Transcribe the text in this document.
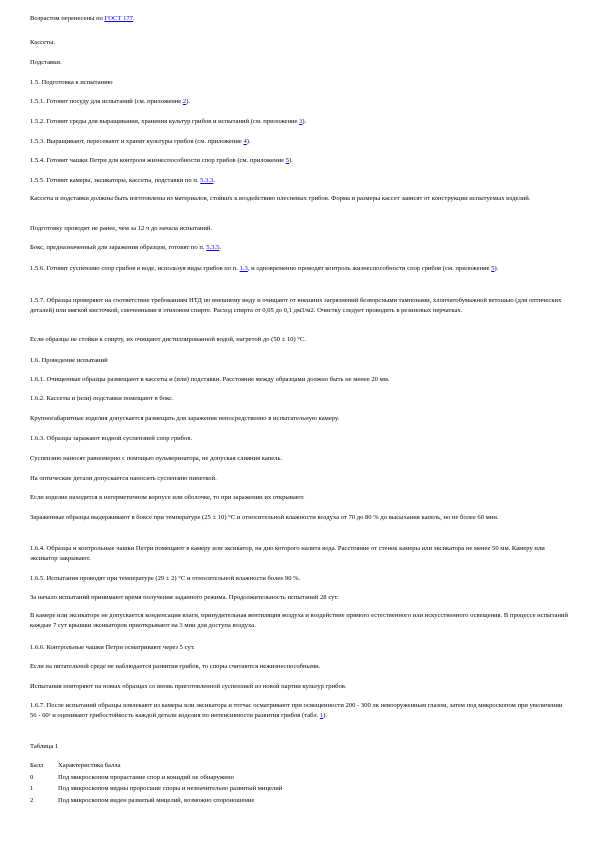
Возрастом перенесены по ГОСТ 177.

Кассеты.

Подставки.

1.5. Подготовка к испытанию

1.5.1. Готовят посуду для испытаний (см. приложение 2).

1.5.2. Готовят среды для выращивания, хранения культур грибов и испытаний (см. приложение 3).

1.5.3. Выращивают, пересевают и хранят культуры грибов (см. приложение 4).

1.5.4. Готовят чашки Петри для контроля жизнеспособности спор грибов (см. приложение 5).

1.5.5. Готовят камеры, эксикаторы, кассеты, подставки по п. 5.3.3.

Кассеты и подставки должны быть изготовлены из материалов, стойких к воздействию плесневых грибов. Форма и размеры кассет зависят от конструкции испытуемых изделий.

Подготовку проводят не ранее, чем за 12 ч до начала испытаний.

Бокс, предназначенный для заражения образцов, готовят по п. 5.3.5.

1.5.6. Готовят суспензию спор грибов в воде, используя виды грибов по п. 1.3, и одновременно проводят контроль жизнеспособности спор грибов (см. приложение 5).

1.5.7. Образцы проверяют на соответствие требованиям НТД по внешнему виду и очищают от внешних загрязнений безворсными тампонами, хлопчатобумажной ветошью (для оптических деталей) или мягкой кисточкой, смоченными в этиловом спирте. Расход спирта от 0,05 до 0,1 дм3/м2. Очистку следует проводить в резиновых перчатках.

Если образцы не стойки к спирту, их очищают дистиллированной водой, нагретой до (50 ± 10) °С.

1.6. Проведение испытаний

1.6.1. Очищенные образцы размещают в кассеты и (или) подставки. Расстояние между образцами должно быть не менее 20 мм.

1.6.2. Кассеты и (или) подставки помещают в бокс.

Крупногабаритные изделия допускается размещать для заражения непосредственно в испытательную камеру.

1.6.3. Образцы заражают водной суспензией спор грибов.

Суспензию наносят равномерно с помощью пульверизатора, не допуская слияния капель.

На оптические детали допускается наносить суспензию пипеткой.

Если изделие находится в негерметичном корпусе или оболочке, то при заражении их открывают.

Зараженные образцы выдерживают в боксе при температуре (25 ± 10) °С и относительной влажности воздуха от 70 до 80 % до высыхания капель, но не более 60 мин.

1.6.4. Образцы и контрольные чашки Петри помещают в камеру или эксикатор, на дно которого налита вода. Расстояние от стенок камеры или эксикатора не менее 50 мм. Камеру или эксикатор закрывают.

1.6.5. Испытания проводят при температуре (29 ± 2) °С и относительной влажности более 90 %.

За начало испытаний принимают время получения заданного режима. Продолжительность испытаний 28 сут.

В камере или эксикаторе не допускается конденсация влаги, принудительная вентиляция воздуха и воздействие прямого естественного или искусственного освещения. В процессе испытаний каждые 7 сут крышки эксикаторов приоткрывают на 3 мин для доступа воздуха.

1.6.6. Контрольные чашки Петри осматривают через 5 сут.

Если на питательной среде не наблюдается развития грибов, то споры считаются нежизнеспособными.

Испытания повторяют на новых образцах со вновь приготовленной суспензией из новой партии культур грибов.

1.6.7. После испытаний образцы извлекают из камеры или эксикатора и тотчас осматривают при освещенности 200 - 300 лк невооруженным глазом, затем под микроскопом при увеличении 56 - 60ˣ и оценивают грибостойкость каждой детали изделия по интенсивности развития грибов (табл. 1).

Таблица 1

Балл	Характеристика балла
0	Под микроскопом прорастание спор и конидий не обнаружено
1	Под микроскопом видны проросшие споры и незначительно развитый мицелий
2	Под микроскопом виден развитый мицелий, возможно спороношение
